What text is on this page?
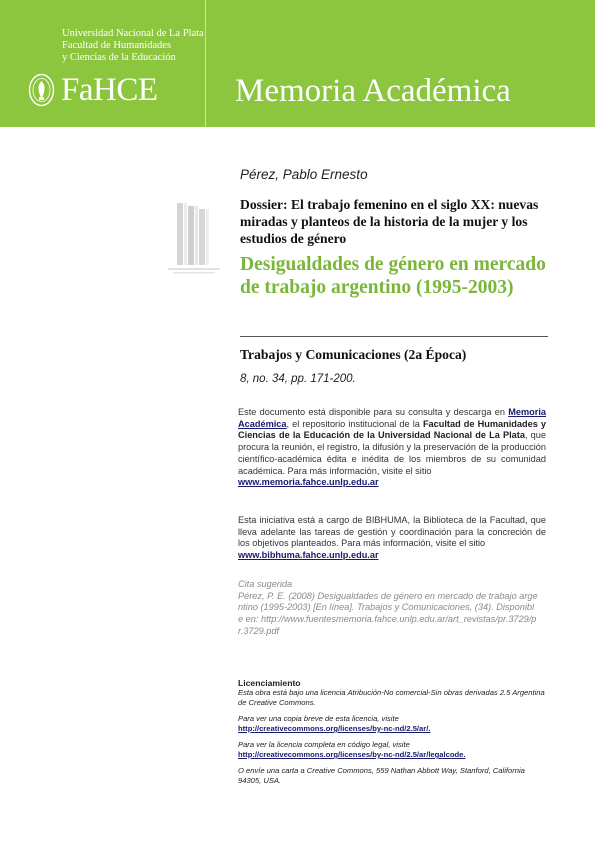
Universidad Nacional de La Plata
Facultad de Humanidades
y Ciencias de la Educación
FaHCE Memoria Académica
Pérez, Pablo Ernesto
Dossier: El trabajo femenino en el siglo XX: nuevas miradas y planteos de la historia de la mujer y los estudios de género
Desigualdades de género en mercado de trabajo argentino (1995-2003)
Trabajos y Comunicaciones (2a Época)
8, no. 34, pp. 171-200.
Este documento está disponible para su consulta y descarga en Memoria Académica, el repositorio institucional de la Facultad de Humanidades y Ciencias de la Educación de la Universidad Nacional de La Plata, que procura la reunión, el registro, la difusión y la preservación de la producción científico-académica édita e inédita de los miembros de su comunidad académica. Para más información, visite el sitio
www.memoria.fahce.unlp.edu.ar
Esta iniciativa está a cargo de BIBHUMA, la Biblioteca de la Facultad, que lleva adelante las tareas de gestión y coordinación para la concreción de los objetivos planteados. Para más información, visite el sitio
www.bibhuma.fahce.unlp.edu.ar
Cita sugerida
Pérez, P. E. (2008) Desigualdades de género en mercado de trabajo argentino (1995-2003) [En línea]. Trabajos y Comunicaciones, (34). Disponible en: http://www.fuentesmemoria.fahce.unlp.edu.ar/art_revistas/pr.3729/pr.3729.pdf
Licenciamiento
Esta obra está bajo una licencia Atribución-No comercial-Sin obras derivadas 2.5 Argentina de Creative Commons.
Para ver una copia breve de esta licencia, visite
http://creativecommons.org/licenses/by-nc-nd/2.5/ar/.
Para ver la licencia completa en código legal, visite
http://creativecommons.org/licenses/by-nc-nd/2.5/ar/legalcode.
O envíe una carta a Creative Commons, 559 Nathan Abbott Way, Stanford, California 94305, USA.
